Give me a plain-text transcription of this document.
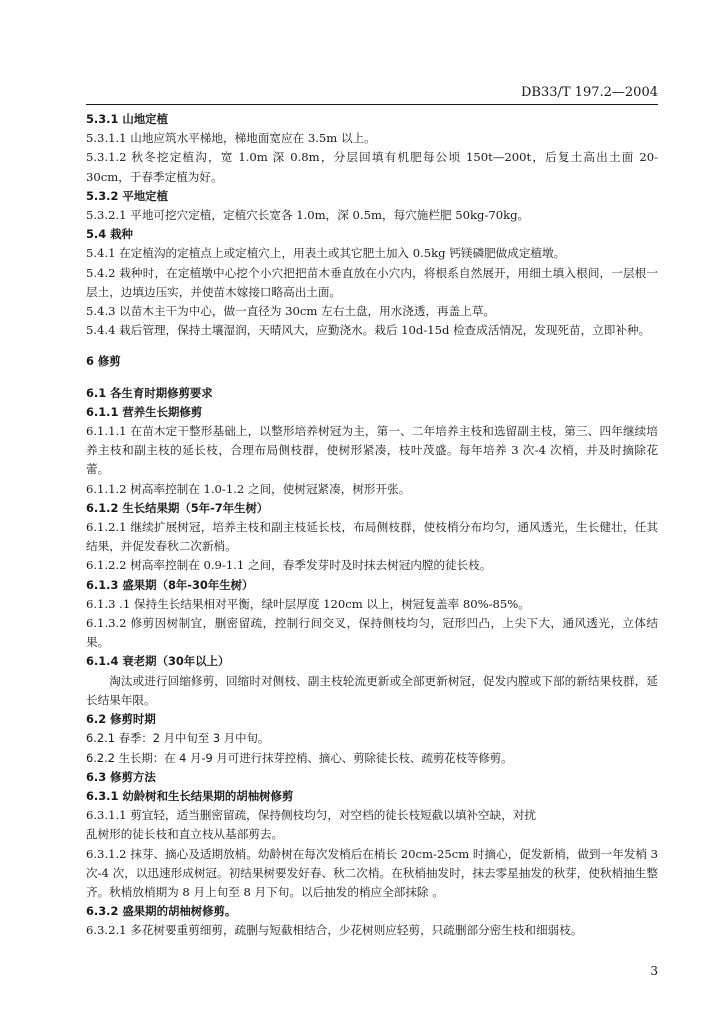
DB33/T 197.2—2004

5.3.1 山地定植

5.3.1.1 山地应筑水平梯地，梯地面宽应在 3.5m 以上。

5.3.1.2 秋冬挖定植沟，宽 1.0m 深 0.8m，分层回填有机肥每公顷 150t—200t，后复土高出土面 20-30cm，于春季定植为好。

5.3.2 平地定植

5.3.2.1 平地可挖穴定植，定植穴长宽各 1.0m，深 0.5m，每穴施栏肥 50kg-70kg。

5.4 栽种

5.4.1 在定植沟的定植点上或定植穴上，用表土或其它肥土加入 0.5kg 钙镁磷肥做成定植墩。

5.4.2 栽种时，在定植墩中心挖个小穴把把苗木垂直放在小穴内，将根系自然展开，用细土填入根间，一层根一层土，边填边压实，并使苗木嫁接口略高出土面。

5.4.3 以苗木主干为中心，做一直径为 30cm 左右土盘，用水浇透，再盖上草。

5.4.4 栽后管理，保持土壤湿润，天晴风大，应勤浇水。栽后 10d-15d 检查成活情况，发现死苗，立即补种。

6 修剪

6.1 各生育时期修剪要求

6.1.1 营养生长期修剪

6.1.1.1 在苗木定干整形基础上，以整形培养树冠为主，第一、二年培养主枝和选留副主枝，第三、四年继续培养主枝和副主枝的延长枝，合理布局侧枝群，使树形紧凑，枝叶茂盛。每年培养 3 次-4 次梢，并及时摘除花蕾。

6.1.1.2 树高率控制在 1.0-1.2 之间，使树冠紧凑，树形开张。

6.1.2 生长结果期（5年-7年生树）

6.1.2.1 继续扩展树冠，培养主枝和副主枝延长枝，布局侧枝群，使枝梢分布均匀，通风透光，生长健壮，任其结果，并促发春秋二次新梢。

6.1.2.2 树高率控制在 0.9-1.1 之间，春季发芽时及时抹去树冠内膛的徒长枝。

6.1.3 盛果期（8年-30年生树）

6.1.3 .1 保持生长结果相对平衡，绿叶层厚度 120cm 以上，树冠复盖率 80%-85%。

6.1.3.2 修剪因树制宜，删密留疏，控制行间交叉，保持侧枝均匀，冠形凹凸，上尖下大，通风透光，立体结果。

6.1.4 衰老期（30年以上）

淘汰或进行回缩修剪，回缩时对侧枝、副主枝轮流更新或全部更新树冠，促发内膛或下部的新结果枝群，延长结果年限。

6.2 修剪时期

6.2.1 春季：2 月中旬至 3 月中旬。

6.2.2 生长期：在 4 月-9 月可进行抹芽控梢、摘心、剪除徒长枝、疏剪花枝等修剪。

6.3 修剪方法

6.3.1 幼龄树和生长结果期的胡柚树修剪

6.3.1.1 剪宜轻，适当删密留疏，保持侧枝均匀，对空档的徒长枝短截以填补空缺，对扰

乱树形的徒长枝和直立枝从基部剪去。

6.3.1.2 抹芽、摘心及适期放梢。幼龄树在每次发梢后在梢长 20cm-25cm 时摘心，促发新梢，做到一年发梢 3 次-4 次，以迅速形成树冠。初结果树要发好春、秋二次梢。在秋梢抽发时，抹去零星抽发的秋芽，使秋梢抽生整齐。秋梢放梢期为 8 月上旬至 8 月下旬。以后抽发的梢应全部抹除 。

6.3.2 盛果期的胡柚树修剪。

6.3.2.1 多花树要重剪细剪，疏删与短截相结合，少花树则应轻剪，只疏删部分密生枝和细弱枝。

3
